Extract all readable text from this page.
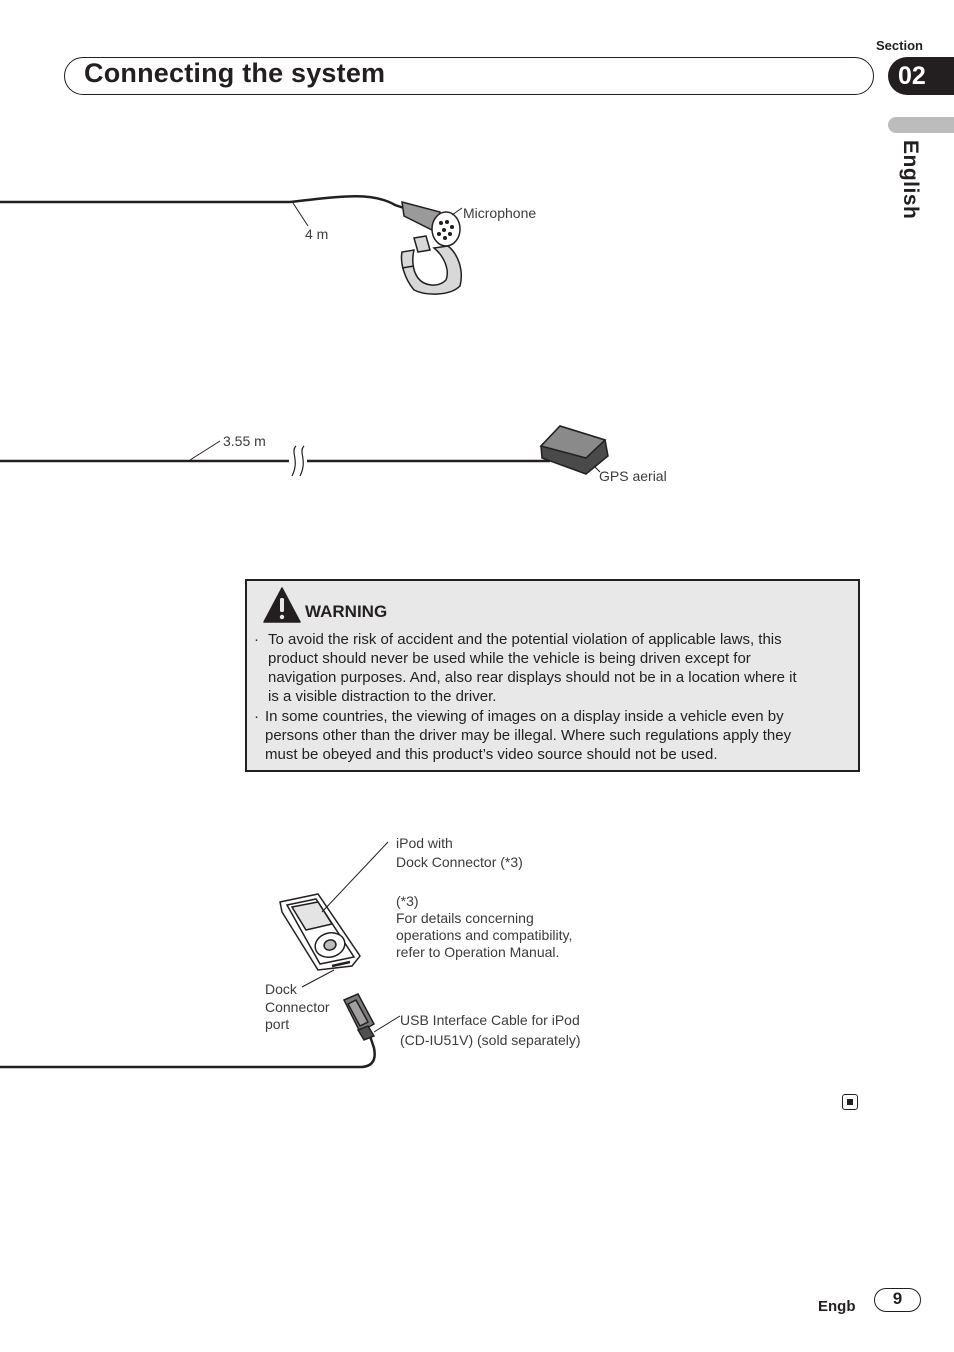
Section
Connecting the system	02
English
Microphone
4 m
3.55 m
GPS aerial
iPod with
Dock Connector (*3)
(*3)
For details concerning
operations and compatibility,
refer to Operation Manual.
Dock
Connector
port	USB Interface Cable for iPod
(CD-IU51V) (sold separately)
WARNING
· To avoid the risk of accident and the potential violation of applicable laws, this
product should never be used while the vehicle is being driven except for
navigation purposes. And, also rear displays should not be in a location where it
is a visible distraction to the driver.
· In some countries, the viewing of images on a display inside a vehicle even by
persons other than the driver may be illegal. Where such regulations apply they
must be obeyed and this product’s video source should not be used.
Engb	9
